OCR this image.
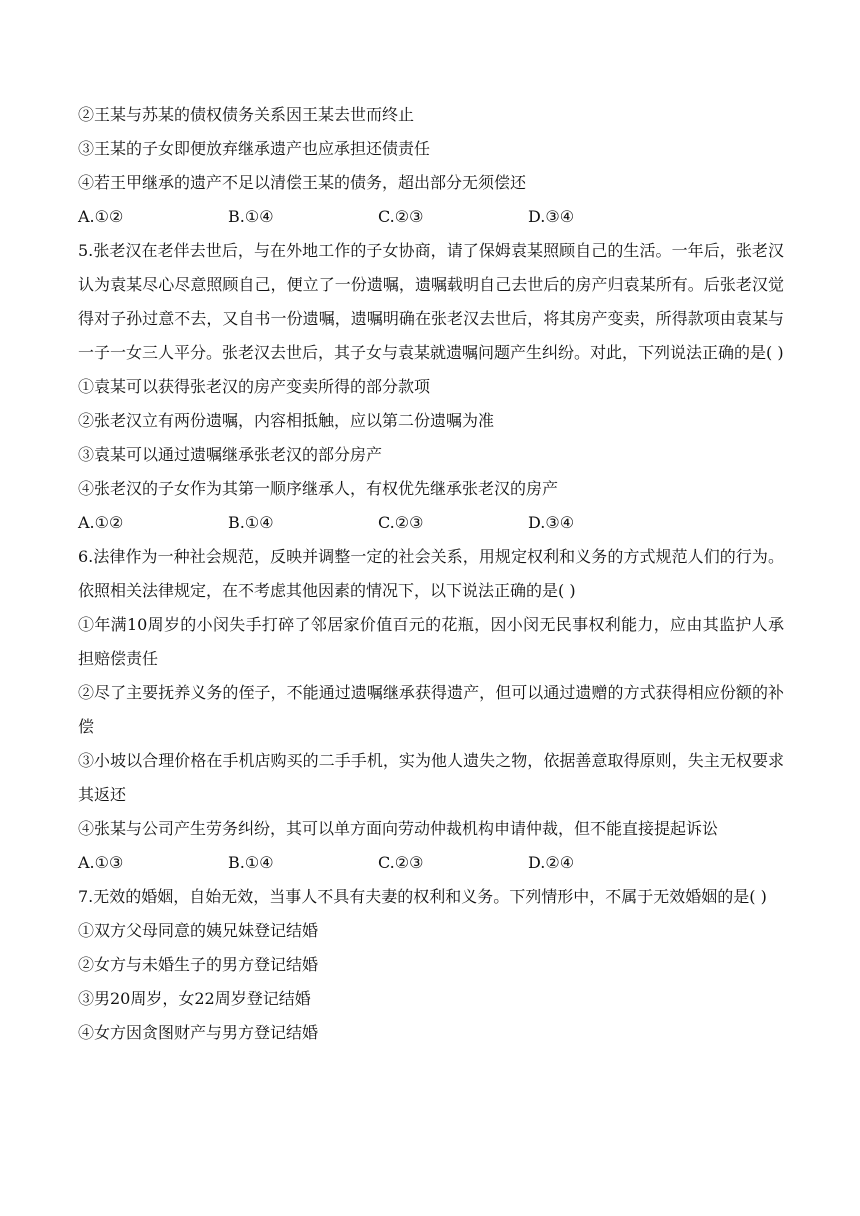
②王某与苏某的债权债务关系因王某去世而终止
③王某的子女即便放弃继承遗产也应承担还债责任
④若王甲继承的遗产不足以清偿王某的债务，超出部分无须偿还
A.①②	B.①④	C.②③	D.③④
5.张老汉在老伴去世后，与在外地工作的子女协商，请了保姆袁某照顾自己的生活。一年后，张老汉认为袁某尽心尽意照顾自己，便立了一份遗嘱，遗嘱载明自己去世后的房产归袁某所有。后张老汉觉得对子孙过意不去，又自书一份遗嘱，遗嘱明确在张老汉去世后，将其房产变卖，所得款项由袁某与一子一女三人平分。张老汉去世后，其子女与袁某就遗嘱问题产生纠纷。对此，下列说法正确的是( )
①袁某可以获得张老汉的房产变卖所得的部分款项
②张老汉立有两份遗嘱，内容相抵触，应以第二份遗嘱为准
③袁某可以通过遗嘱继承张老汉的部分房产
④张老汉的子女作为其第一顺序继承人，有权优先继承张老汉的房产
A.①②	B.①④	C.②③	D.③④
6.法律作为一种社会规范，反映并调整一定的社会关系，用规定权利和义务的方式规范人们的行为。依照相关法律规定，在不考虑其他因素的情况下，以下说法正确的是( )
①年满10周岁的小闵失手打碎了邻居家价值百元的花瓶，因小闵无民事权利能力，应由其监护人承担赔偿责任
②尽了主要抚养义务的侄子，不能通过遗嘱继承获得遗产，但可以通过遗赠的方式获得相应份额的补偿
③小坡以合理价格在手机店购买的二手手机，实为他人遗失之物，依据善意取得原则，失主无权要求其返还
④张某与公司产生劳务纠纷，其可以单方面向劳动仲裁机构申请仲裁，但不能直接提起诉讼
A.①③	B.①④	C.②③	D.②④
7.无效的婚姻，自始无效，当事人不具有夫妻的权利和义务。下列情形中，不属于无效婚姻的是( )
①双方父母同意的姨兄妹登记结婚
②女方与未婚生子的男方登记结婚
③男20周岁，女22周岁登记结婚
④女方因贪图财产与男方登记结婚
